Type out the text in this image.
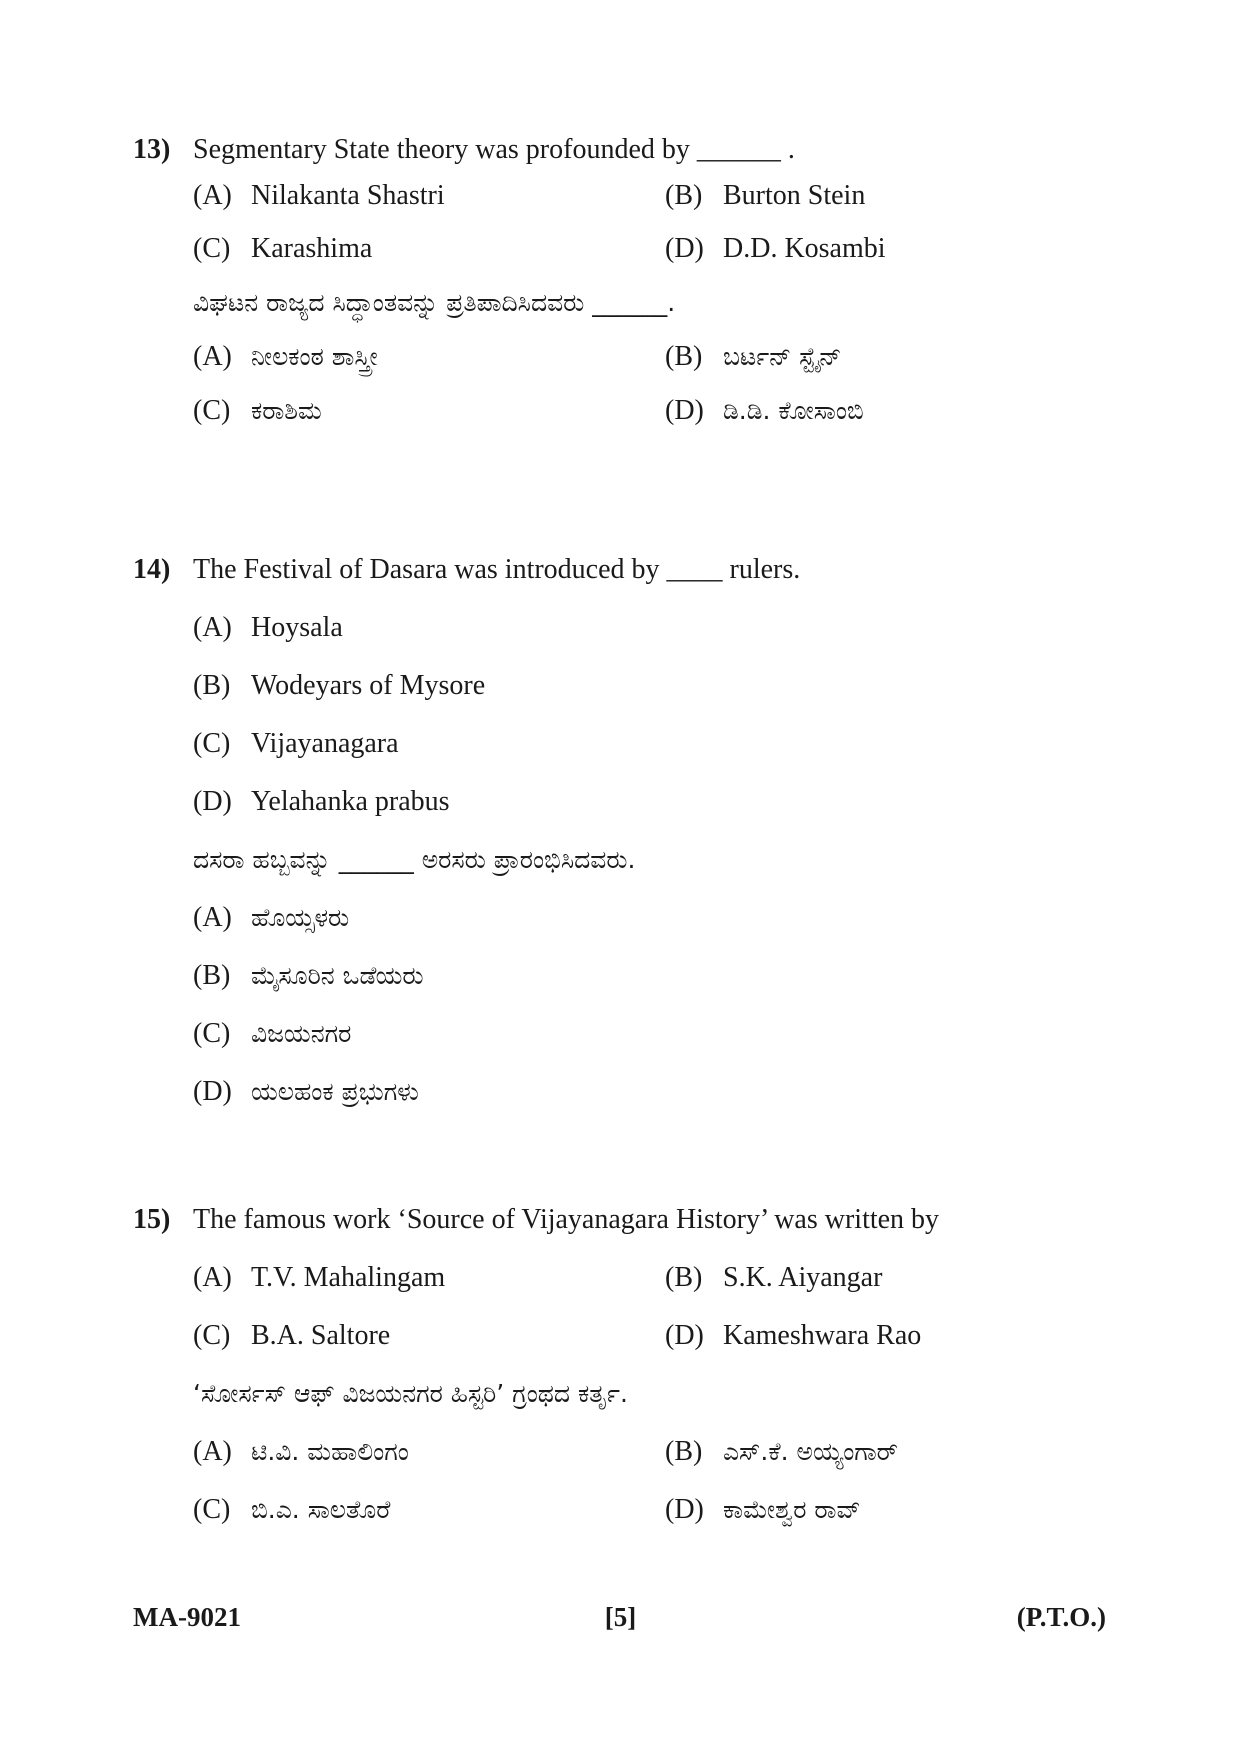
13) Segmentary State theory was profounded by ______ .
(A) Nilakanta Shastri	(B) Burton Stein
(C) Karashima	(D) D.D. Kosambi
ವಿಘಟನ ರಾಜ್ಯದ ಸಿದ್ಧಾಂತವನ್ನು ಪ್ರತಿಪಾದಿಸಿದವರು ______.
(A) ನೀಲಕಂಠ ಶಾಸ್ತ್ರೀ	(B) ಬರ್ಟನ್ ಸ್ಟೈನ್
(C) ಕರಾಶಿಮ	(D) ಡಿ.ಡಿ. ಕೋಸಾಂಬಿ
14) The Festival of Dasara was introduced by ____ rulers.
(A) Hoysala
(B) Wodeyars of Mysore
(C) Vijayanagara
(D) Yelahanka prabus
ದಸರಾ ಹಬ್ಬವನ್ನು ______ ಅರಸರು ಪ್ರಾರಂಭಿಸಿದವರು.
(A) ಹೊಯ್ಸಳರು
(B) ಮೈಸೂರಿನ ಒಡೆಯರು
(C) ವಿಜಯನಗರ
(D) ಯಲಹಂಕ ಪ್ರಭುಗಳು
15) The famous work ‘Source of Vijayanagara History’ was written by
(A) T.V. Mahalingam	(B) S.K. Aiyangar
(C) B.A. Saltore	(D) Kameshwara Rao
‘ಸೋರ್ಸಸ್ ಆಫ್ ವಿಜಯನಗರ ಹಿಸ್ಟರಿ’ ಗ್ರಂಥದ ಕರ್ತೃ.
(A) ಟಿ.ವಿ. ಮಹಾಲಿಂಗಂ	(B) ಎಸ್.ಕೆ. ಅಯ್ಯಂಗಾರ್
(C) ಬಿ.ಎ. ಸಾಲತೊರೆ	(D) ಕಾಮೇಶ್ವರ ರಾವ್
[5]
MA-9021	(P.T.O.)
